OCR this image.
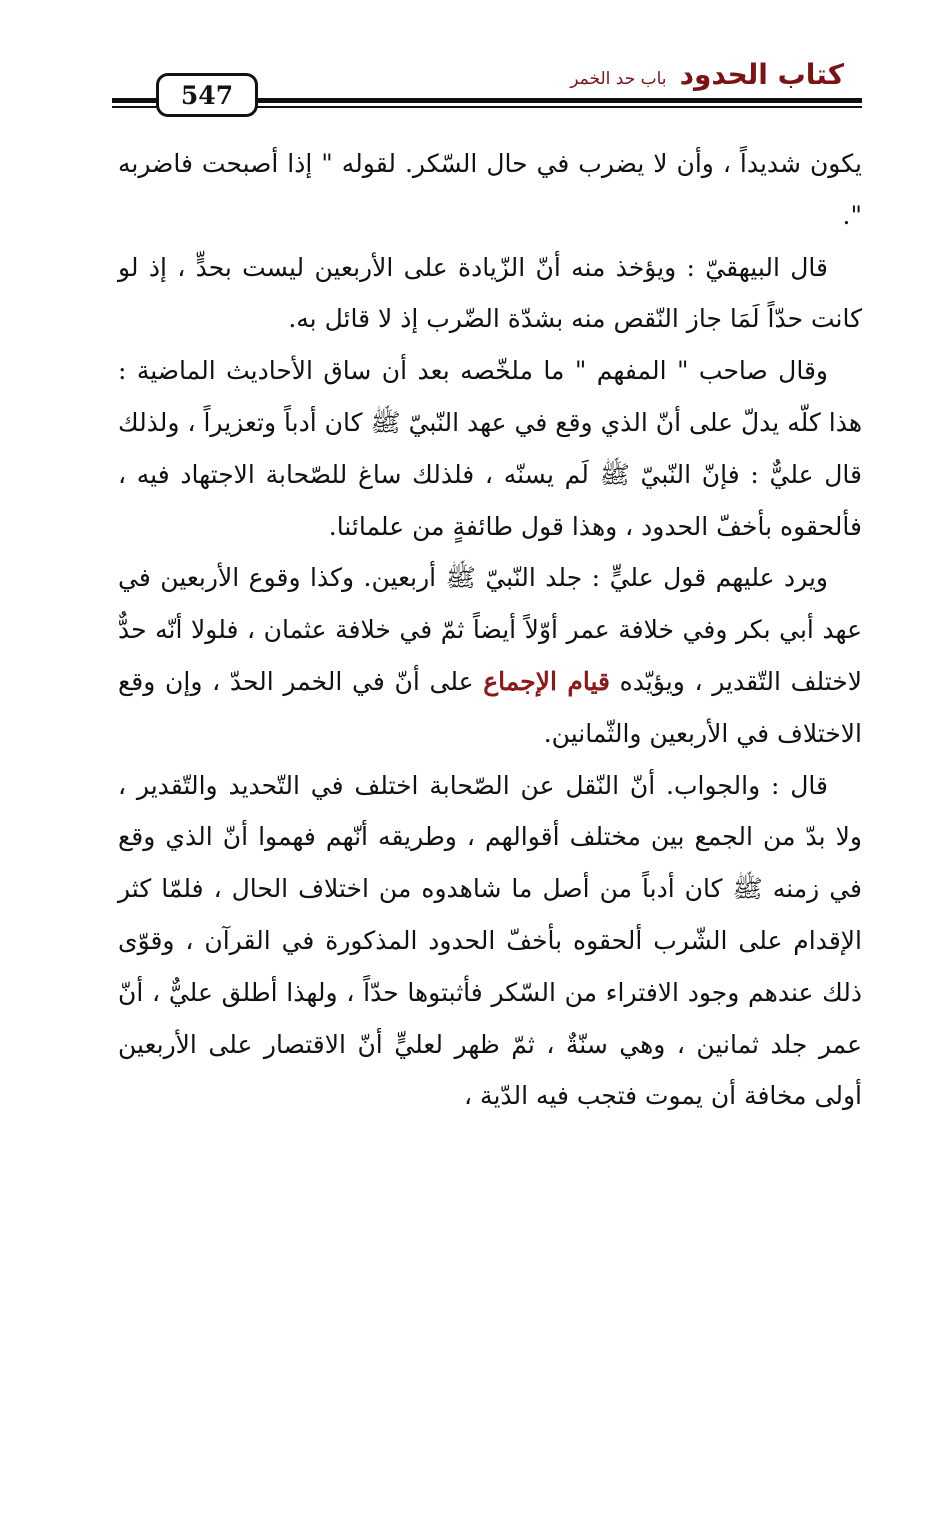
كتاب الحدود باب حد الخمر
547

يكون شديداً ، وأن لا يضرب في حال السّكر. لقوله " إذا أصبحت فاضربه ".

قال البيهقيّ : ويؤخذ منه أنّ الزّيادة على الأربعين ليست بحدٍّ ، إذ لو كانت حدّاً لَمَا جاز النّقص منه بشدّة الضّرب إذ لا قائل به.

وقال صاحب " المفهم " ما ملخّصه بعد أن ساق الأحاديث الماضية : هذا كلّه يدلّ على أنّ الذي وقع في عهد النّبيّ ﷺ كان أدباً وتعزيراً ، ولذلك قال عليٌّ : فإنّ النّبيّ ﷺ لَم يسنّه ، فلذلك ساغ للصّحابة الاجتهاد فيه ، فألحقوه بأخفّ الحدود ، وهذا قول طائفةٍ من علمائنا.

ويرد عليهم قول عليٍّ : جلد النّبيّ ﷺ أربعين. وكذا وقوع الأربعين في عهد أبي بكر وفي خلافة عمر أوّلاً أيضاً ثمّ في خلافة عثمان ، فلولا أنّه حدٌّ لاختلف التّقدير ، ويؤيّده قيام الإجماع على أنّ في الخمر الحدّ ، وإن وقع الاختلاف في الأربعين والثّمانين.

قال : والجواب. أنّ النّقل عن الصّحابة اختلف في التّحديد والتّقدير ، ولا بدّ من الجمع بين مختلف أقوالهم ، وطريقه أنّهم فهموا أنّ الذي وقع في زمنه ﷺ كان أدباً من أصل ما شاهدوه من اختلاف الحال ، فلمّا كثر الإقدام على الشّرب ألحقوه بأخفّ الحدود المذكورة في القرآن ، وقوّى ذلك عندهم وجود الافتراء من السّكر فأثبتوها حدّاً ، ولهذا أطلق عليٌّ ، أنّ عمر جلد ثمانين ، وهي سنّةٌ ، ثمّ ظهر لعليٍّ أنّ الاقتصار على الأربعين أولى مخافة أن يموت فتجب فيه الدّية ،
